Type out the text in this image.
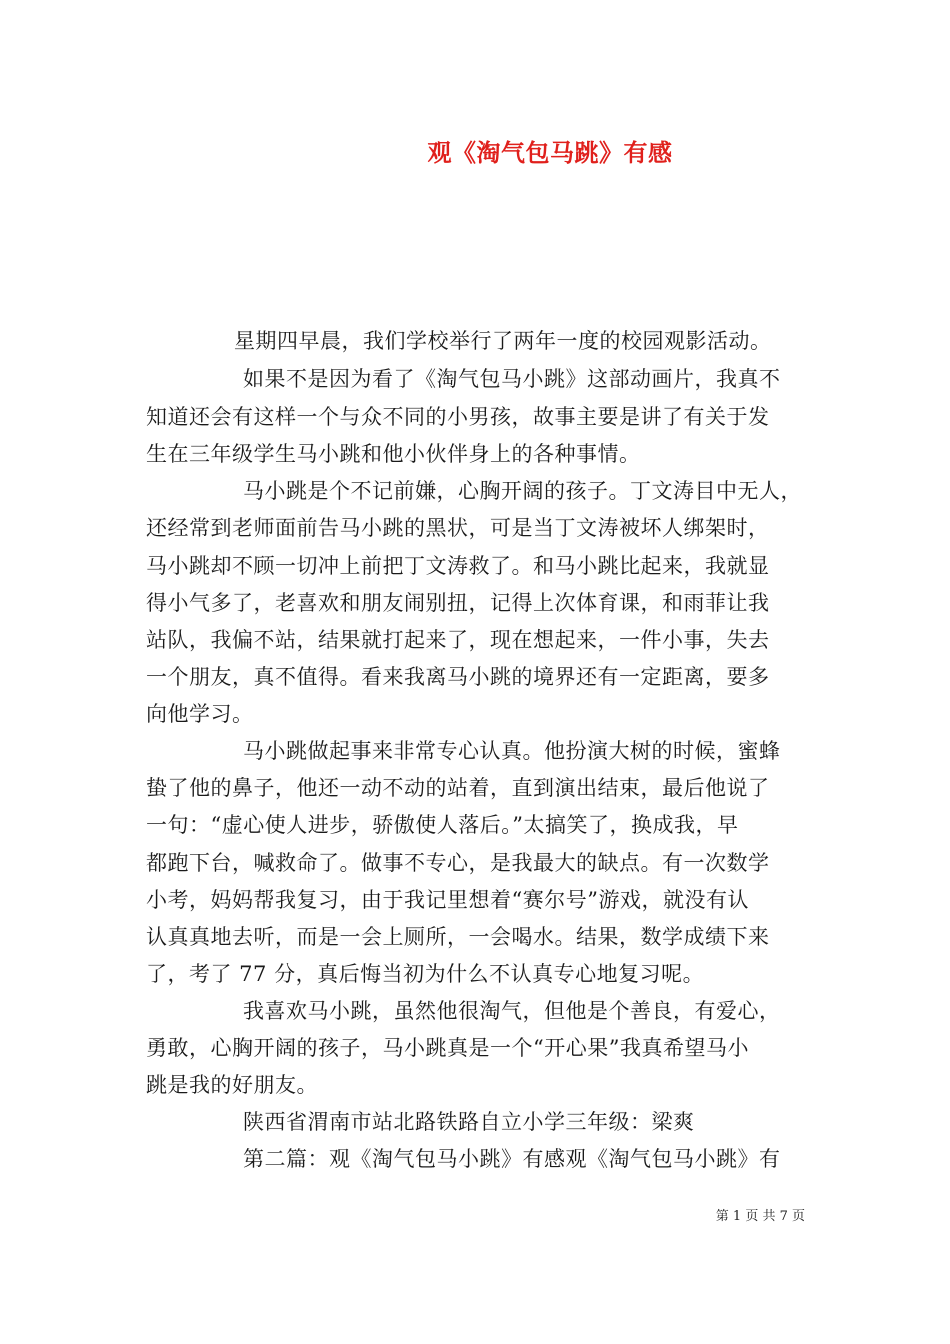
观《淘气包马跳》有感
星期四早晨，我们学校举行了两年一度的校园观影活动。
如果不是因为看了《淘气包马小跳》这部动画片，我真不
知道还会有这样一个与众不同的小男孩，故事主要是讲了有关于发
生在三年级学生马小跳和他小伙伴身上的各种事情。
马小跳是个不记前嫌，心胸开阔的孩子。丁文涛目中无人，
还经常到老师面前告马小跳的黑状，可是当丁文涛被坏人绑架时，
马小跳却不顾一切冲上前把丁文涛救了。和马小跳比起来，我就显
得小气多了，老喜欢和朋友闹别扭，记得上次体育课，和雨菲让我
站队，我偏不站，结果就打起来了，现在想起来，一件小事，失去
一个朋友，真不值得。看来我离马小跳的境界还有一定距离，要多
向他学习。
马小跳做起事来非常专心认真。他扮演大树的时候，蜜蜂
蛰了他的鼻子，他还一动不动的站着，直到演出结束，最后他说了
一句：“虚心使人进步，骄傲使人落后。”太搞笑了，换成我，早
都跑下台，喊救命了。做事不专心，是我最大的缺点。有一次数学
小考，妈妈帮我复习，由于我记里想着“赛尔号”游戏，就没有认
认真真地去听，而是一会上厕所，一会喝水。结果，数学成绩下来
了，考了 77 分，真后悔当初为什么不认真专心地复习呢。
我喜欢马小跳，虽然他很淘气，但他是个善良，有爱心，
勇敢，心胸开阔的孩子，马小跳真是一个“开心果”我真希望马小
跳是我的好朋友。
陕西省渭南市站北路铁路自立小学三年级：梁爽
第二篇：观《淘气包马小跳》有感观《淘气包马小跳》有
第 1 页 共 7 页
